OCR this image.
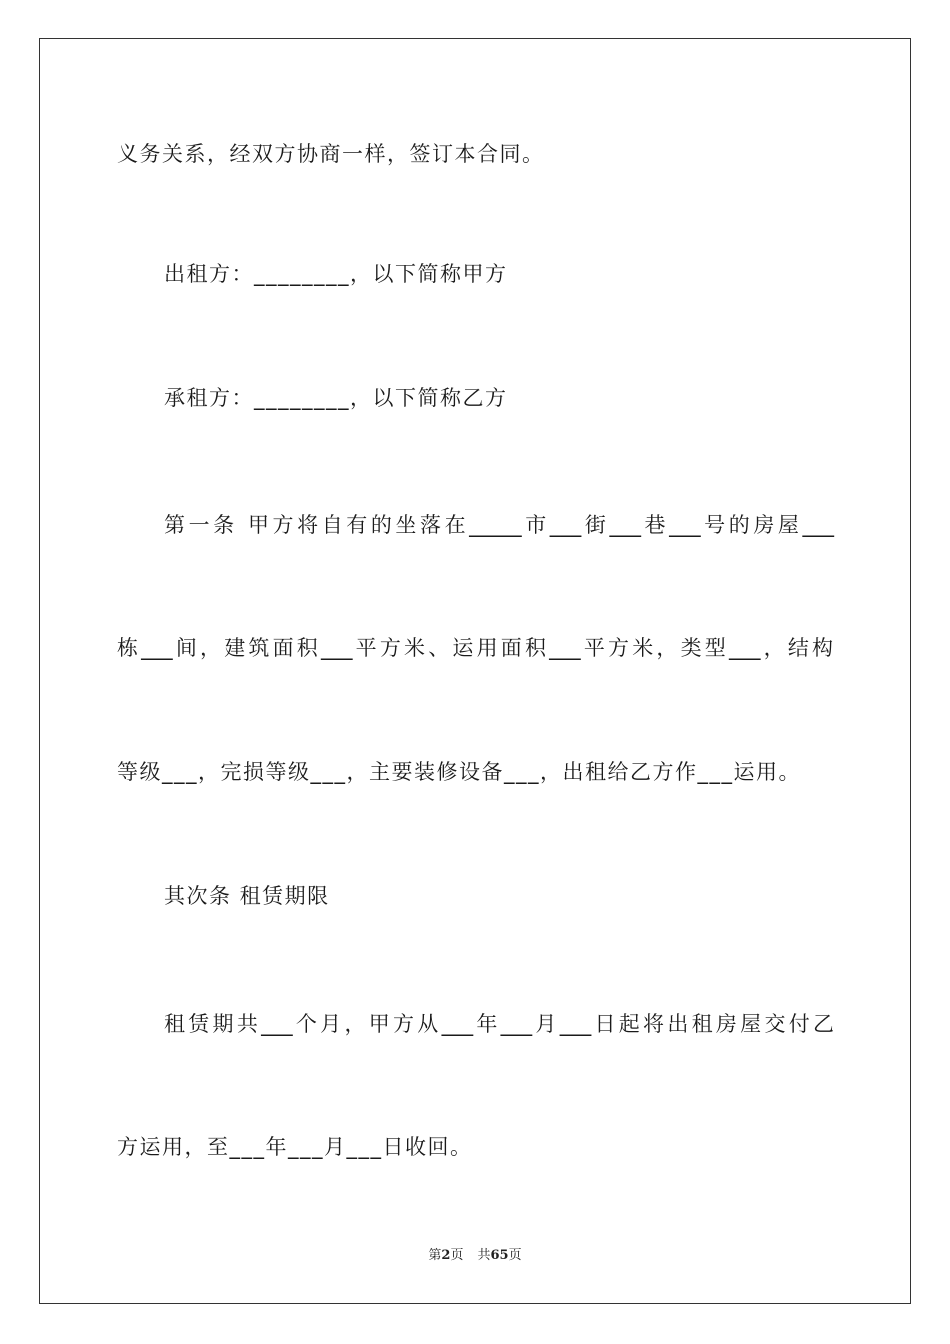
义务关系，经双方协商一样，签订本合同。
出租方：________，以下简称甲方
承租方：________，以下简称乙方
第一条 甲方将自有的坐落在_____市___街___巷___号的房屋___
栋___间，建筑面积___平方米、运用面积___平方米，类型___，结构
等级___，完损等级___，主要装修设备___，出租给乙方作___运用。
其次条 租赁期限
租赁期共___个月，甲方从___年___月___日起将出租房屋交付乙
方运用，至___年___月___日收回。
第2页 共65页
